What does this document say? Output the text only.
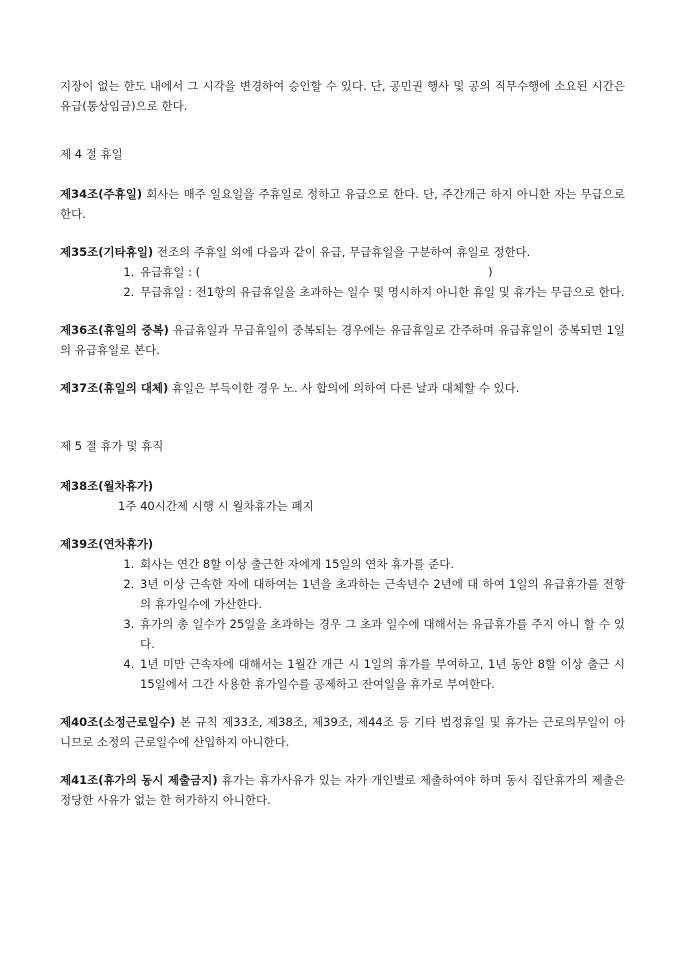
지장이 없는 한도 내에서 그 시각을 변경하여 승인할 수 있다. 단, 공민권 행사 및 공의 직무수행에 소요된 시간은 유급(통상임금)으로 한다.

제 4 절 휴일

제34조(주휴일) 회사는 매주 일요일을 주휴일로 정하고 유급으로 한다. 단, 주간개근 하지 아니한 자는 무급으로 한다.

제35조(기타휴일) 전조의 주휴일 외에 다음과 같이 유급, 무급휴일을 구분하여 휴일로 정한다.

1. 유급휴일 : (	)
2. 무급휴일 : 전1항의 유급휴일을 초과하는 일수 및 명시하지 아니한 휴일 및 휴가는 무급으로 한다.

제36조(휴일의 중복) 유급휴일과 무급휴일이 중복되는 경우에는 유급휴일로 간주하며 유급휴일이 중복되면 1일의 유급휴일로 본다.

제37조(휴일의 대체) 휴일은 부득이한 경우 노. 사 합의에 의하여 다른 날과 대체할 수 있다.

제 5 절 휴가 및 휴직

제38조(월차휴가)

1주 40시간제 시행 시 월차휴가는 폐지

제39조(연차휴가)

1. 회사는 연간 8할 이상 출근한 자에게 15일의 연차 휴가를 준다.
2. 3년 이상 근속한 자에 대하여는 1년을 초과하는 근속년수 2년에 대 하여 1일의 유급휴가를 전항의 휴가일수에 가산한다.
3. 휴가의 총 일수가 25일을 초과하는 경우 그 초과 일수에 대해서는 유급휴가를 주지 아니 할 수 있다.
4. 1년 미만 근속자에 대해서는 1월간 개근 시 1일의 휴가를 부여하고, 1년 동안 8할 이상 출근 시 15일에서 그간 사용한 휴가일수를 공제하고 잔여일을 휴가로 부여한다.

제40조(소정근로일수) 본 규칙 제33조, 제38조, 제39조, 제44조 등 기타 법정휴일 및 휴가는 근로의무일이 아니므로 소정의 근로일수에 산입하지 아니한다.

제41조(휴가의 동시 제출금지) 휴가는 휴가사유가 있는 자가 개인별로 제출하여야 하며 동시 집단휴가의 제출은 정당한 사유가 없는 한 허가하지 아니한다.
